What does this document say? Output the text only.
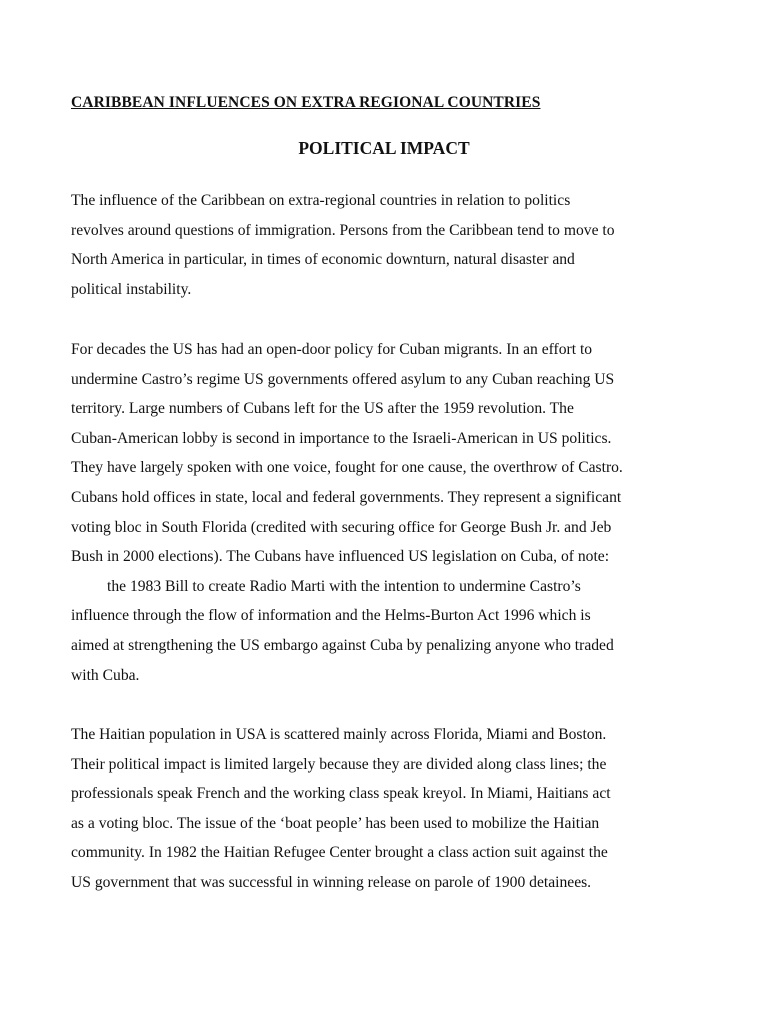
CARIBBEAN INFLUENCES ON EXTRA REGIONAL COUNTRIES
POLITICAL IMPACT
The influence of the Caribbean on extra-regional countries in relation to politics
revolves around questions of immigration. Persons from the Caribbean tend to move to
North America in particular, in times of economic downturn, natural disaster and
political instability.
For decades the US has had an open-door policy for Cuban migrants. In an effort to
undermine Castro’s regime US governments offered asylum to any Cuban reaching US
territory. Large numbers of Cubans left for the US after the 1959 revolution. The
Cuban-American lobby is second in importance to the Israeli-American in US politics.
They have largely spoken with one voice, fought for one cause, the overthrow of Castro.
Cubans hold offices in state, local and federal governments. They represent a significant
voting bloc in South Florida (credited with securing office for George Bush Jr. and Jeb
Bush in 2000 elections). The Cubans have influenced US legislation on Cuba, of note:
the 1983 Bill to create Radio Marti with the intention to undermine Castro’s
influence through the flow of information and the Helms-Burton Act 1996 which is
aimed at strengthening the US embargo against Cuba by penalizing anyone who traded
with Cuba.
The Haitian population in USA is scattered mainly across Florida, Miami and Boston.
Their political impact is limited largely because they are divided along class lines; the
professionals speak French and the working class speak kreyol. In Miami, Haitians act
as a voting bloc. The issue of the ‘boat people’ has been used to mobilize the Haitian
community. In 1982 the Haitian Refugee Center brought a class action suit against the
US government that was successful in winning release on parole of 1900 detainees.
